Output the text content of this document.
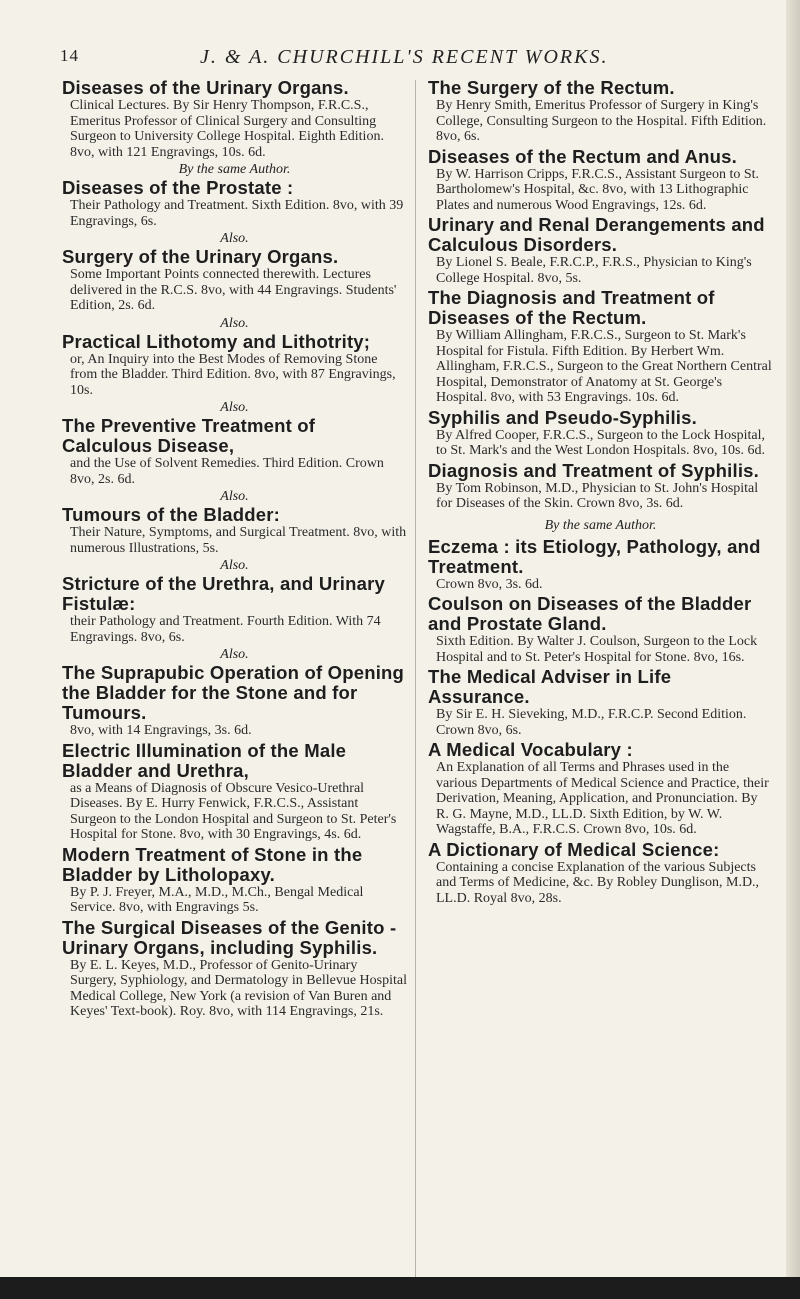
14	J. & A. CHURCHILL'S RECENT WORKS.
Diseases of the Urinary Organs.
Clinical Lectures. By Sir Henry Thompson, F.R.C.S., Emeritus Professor of Clinical Surgery and Consulting Surgeon to University College Hospital. Eighth Edition. 8vo, with 121 Engravings, 10s. 6d.
By the same Author.
Diseases of the Prostate :
Their Pathology and Treatment. Sixth Edition. 8vo, with 39 Engravings, 6s.
Also.
Surgery of the Urinary Organs.
Some Important Points connected therewith. Lectures delivered in the R.C.S. 8vo, with 44 Engravings. Students' Edition, 2s. 6d.
Also.
Practical Lithotomy and Lithotrity;
or, An Inquiry into the Best Modes of Removing Stone from the Bladder. Third Edition. 8vo, with 87 Engravings, 10s.
Also.
The Preventive Treatment of Calculous Disease,
and the Use of Solvent Remedies. Third Edition. Crown 8vo, 2s. 6d.
Also.
Tumours of the Bladder:
Their Nature, Symptoms, and Surgical Treatment. 8vo, with numerous Illustrations, 5s.
Also.
Stricture of the Urethra, and Urinary Fistulæ:
their Pathology and Treatment. Fourth Edition. With 74 Engravings. 8vo, 6s.
Also.
The Suprapubic Operation of Opening the Bladder for the Stone and for Tumours.
8vo, with 14 Engravings, 3s. 6d.
Electric Illumination of the Male Bladder and Urethra,
as a Means of Diagnosis of Obscure Vesico-Urethral Diseases. By E. Hurry Fenwick, F.R.C.S., Assistant Surgeon to the London Hospital and Surgeon to St. Peter's Hospital for Stone. 8vo, with 30 Engravings, 4s. 6d.
Modern Treatment of Stone in the Bladder by Litholopaxy.
By P. J. Freyer, M.A., M.D., M.Ch., Bengal Medical Service. 8vo, with Engravings 5s.
The Surgical Diseases of the Genito - Urinary Organs, including Syphilis.
By E. L. Keyes, M.D., Professor of Genito-Urinary Surgery, Syphiology, and Dermatology in Bellevue Hospital Medical College, New York (a revision of Van Buren and Keyes' Text-book). Roy. 8vo, with 114 Engravings, 21s.
The Surgery of the Rectum.
By Henry Smith, Emeritus Professor of Surgery in King's College, Consulting Surgeon to the Hospital. Fifth Edition. 8vo, 6s.
Diseases of the Rectum and Anus.
By W. Harrison Cripps, F.R.C.S., Assistant Surgeon to St. Bartholomew's Hospital, &c. 8vo, with 13 Lithographic Plates and numerous Wood Engravings, 12s. 6d.
Urinary and Renal Derangements and Calculous Disorders.
By Lionel S. Beale, F.R.C.P., F.R.S., Physician to King's College Hospital. 8vo, 5s.
The Diagnosis and Treatment of Diseases of the Rectum.
By William Allingham, F.R.C.S., Surgeon to St. Mark's Hospital for Fistula. Fifth Edition. By Herbert Wm. Allingham, F.R.C.S., Surgeon to the Great Northern Central Hospital, Demonstrator of Anatomy at St. George's Hospital. 8vo, with 53 Engravings. 10s. 6d.
Syphilis and Pseudo-Syphilis.
By Alfred Cooper, F.R.C.S., Surgeon to the Lock Hospital, to St. Mark's and the West London Hospitals. 8vo, 10s. 6d.
Diagnosis and Treatment of Syphilis.
By Tom Robinson, M.D., Physician to St. John's Hospital for Diseases of the Skin. Crown 8vo, 3s. 6d.
By the same Author.
Eczema : its Etiology, Pathology, and Treatment.
Crown 8vo, 3s. 6d.
Coulson on Diseases of the Bladder and Prostate Gland.
Sixth Edition. By Walter J. Coulson, Surgeon to the Lock Hospital and to St. Peter's Hospital for Stone. 8vo, 16s.
The Medical Adviser in Life Assurance.
By Sir E. H. Sieveking, M.D., F.R.C.P. Second Edition. Crown 8vo, 6s.
A Medical Vocabulary :
An Explanation of all Terms and Phrases used in the various Departments of Medical Science and Practice, their Derivation, Meaning, Application, and Pronunciation. By R. G. Mayne, M.D., LL.D. Sixth Edition, by W. W. Wagstaffe, B.A., F.R.C.S. Crown 8vo, 10s. 6d.
A Dictionary of Medical Science:
Containing a concise Explanation of the various Subjects and Terms of Medicine, &c. By Robley Dunglison, M.D., LL.D. Royal 8vo, 28s.
